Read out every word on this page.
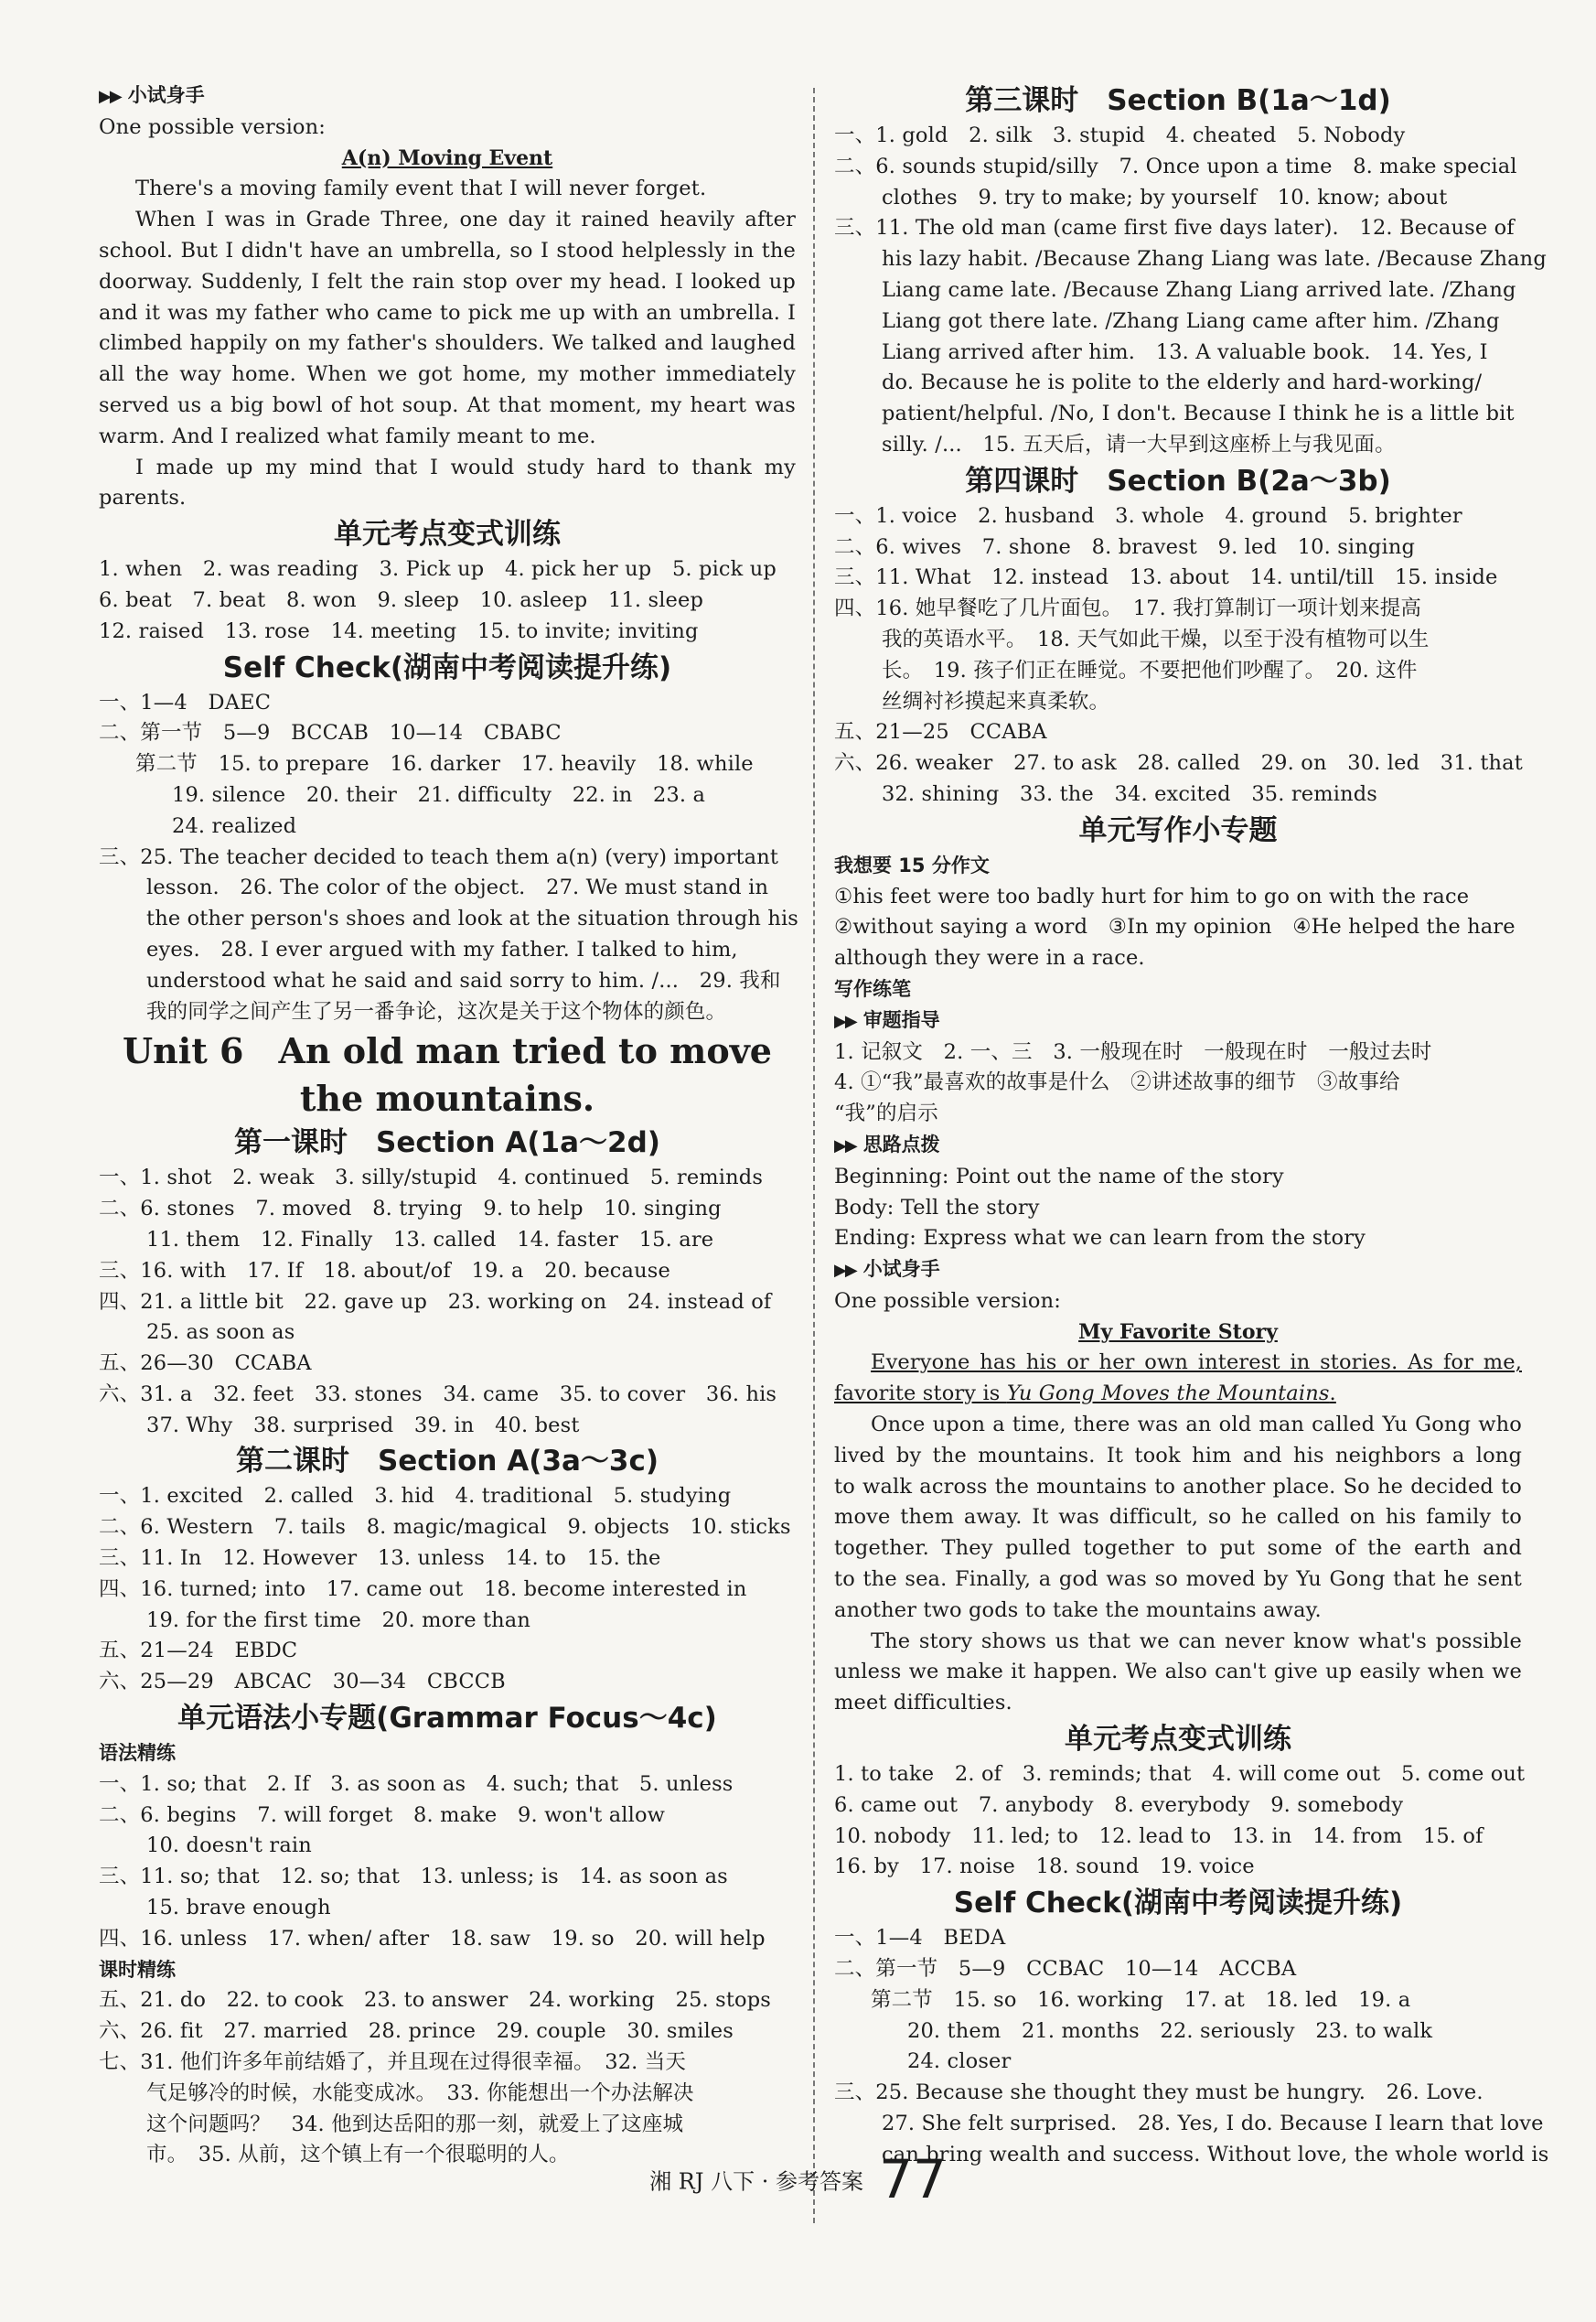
▶▶ 小试身手
One possible version:
A(n) Moving Event
There's a moving family event that I will never forget.
When I was in Grade Three, one day it rained heavily after
school. But I didn't have an umbrella, so I stood helplessly in the
doorway. Suddenly, I felt the rain stop over my head. I looked up
and it was my father who came to pick me up with an umbrella. I
climbed happily on my father's shoulders. We talked and laughed
all the way home. When we got home, my mother immediately
served us a big bowl of hot soup. At that moment, my heart was
warm. And I realized what family meant to me.
I made up my mind that I would study hard to thank my
parents.
单元考点变式训练
1. when　2. was reading　3. Pick up　4. pick her up　5. pick up
6. beat　7. beat　8. won　9. sleep　10. asleep　11. sleep
12. raised　13. rose　14. meeting　15. to invite; inviting
Self Check(湖南中考阅读提升练)
一、1—4　DAEC
二、第一节　5—9　BCCAB　10—14　CBABC
第二节　15. to prepare　16. darker　17. heavily　18. while
19. silence　20. their　21. difficulty　22. in　23. a
24. realized
三、25. The teacher decided to teach them a(n) (very) important
lesson.　26. The color of the object.　27. We must stand in
the other person's shoes and look at the situation through his
eyes.　28. I ever argued with my father. I talked to him,
understood what he said and said sorry to him. /...　29. 我和
我的同学之间产生了另一番争论，这次是关于这个物体的颜色。
Unit 6　An old man tried to move
the mountains.
第一课时　Section A(1a～2d)
一、1. shot　2. weak　3. silly/stupid　4. continued　5. reminds
二、6. stones　7. moved　8. trying　9. to help　10. singing
11. them　12. Finally　13. called　14. faster　15. are
三、16. with　17. If　18. about/of　19. a　20. because
四、21. a little bit　22. gave up　23. working on　24. instead of
25. as soon as
五、26—30　CCABA
六、31. a　32. feet　33. stones　34. came　35. to cover　36. his
37. Why　38. surprised　39. in　40. best
第二课时　Section A(3a～3c)
一、1. excited　2. called　3. hid　4. traditional　5. studying
二、6. Western　7. tails　8. magic/magical　9. objects　10. sticks
三、11. In　12. However　13. unless　14. to　15. the
四、16. turned; into　17. came out　18. become interested in
19. for the first time　20. more than
五、21—24　EBDC
六、25—29　ABCAC　30—34　CBCCB
单元语法小专题(Grammar Focus～4c)
语法精练
一、1. so; that　2. If　3. as soon as　4. such; that　5. unless
二、6. begins　7. will forget　8. make　9. won't allow
10. doesn't rain
三、11. so; that　12. so; that　13. unless; is　14. as soon as
15. brave enough
四、16. unless　17. when/ after　18. saw　19. so　20. will help
课时精练
五、21. do　22. to cook　23. to answer　24. working　25. stops
六、26. fit　27. married　28. prince　29. couple　30. smiles
七、31. 他们许多年前结婚了，并且现在过得很幸福。　32. 当天
气足够冷的时候，水能变成冰。　33. 你能想出一个办法解决
这个问题吗？　34. 他到达岳阳的那一刻，就爱上了这座城
市。　35. 从前，这个镇上有一个很聪明的人。
第三课时　Section B(1a～1d)
一、1. gold　2. silk　3. stupid　4. cheated　5. Nobody
二、6. sounds stupid/silly　7. Once upon a time　8. make special
clothes　9. try to make; by yourself　10. know; about
三、11. The old man (came first five days later).　12. Because of
his lazy habit. /Because Zhang Liang was late. /Because Zhang
Liang came late. /Because Zhang Liang arrived late. /Zhang
Liang got there late. /Zhang Liang came after him. /Zhang
Liang arrived after him.　13. A valuable book.　14. Yes, I
do. Because he is polite to the elderly and hard-working/
patient/helpful. /No, I don't. Because I think he is a little bit
silly. /...　15. 五天后，请一大早到这座桥上与我见面。
第四课时　Section B(2a～3b)
一、1. voice　2. husband　3. whole　4. ground　5. brighter
二、6. wives　7. shone　8. bravest　9. led　10. singing
三、11. What　12. instead　13. about　14. until/till　15. inside
四、16. 她早餐吃了几片面包。　17. 我打算制订一项计划来提高
我的英语水平。　18. 天气如此干燥，以至于没有植物可以生
长。　19. 孩子们正在睡觉。不要把他们吵醒了。　20. 这件
丝绸衬衫摸起来真柔软。
五、21—25　CCABA
六、26. weaker　27. to ask　28. called　29. on　30. led　31. that
32. shining　33. the　34. excited　35. reminds
单元写作小专题
我想要 15 分作文
①his feet were too badly hurt for him to go on with the race
②without saying a word　③In my opinion　④He helped the hare
although they were in a race.
写作练笔
▶▶ 审题指导
1. 记叙文　2. 一、三　3. 一般现在时　一般现在时　一般过去时
4. ①“我”最喜欢的故事是什么　②讲述故事的细节　③故事给
“我”的启示
▶▶ 思路点拨
Beginning: Point out the name of the story
Body: Tell the story
Ending: Express what we can learn from the story
▶▶ 小试身手
One possible version:
My Favorite Story
Everyone has his or her own interest in stories. As for me,
favorite story is Yu Gong Moves the Mountains.
Once upon a time, there was an old man called Yu Gong who
lived by the mountains. It took him and his neighbors a long
to walk across the mountains to another place. So he decided to
move them away. It was difficult, so he called on his family to
together. They pulled together to put some of the earth and
to the sea. Finally, a god was so moved by Yu Gong that he sent
another two gods to take the mountains away.
The story shows us that we can never know what's possible
unless we make it happen. We also can't give up easily when we
meet difficulties.
单元考点变式训练
1. to take　2. of　3. reminds; that　4. will come out　5. come out
6. came out　7. anybody　8. everybody　9. somebody
10. nobody　11. led; to　12. lead to　13. in　14. from　15. of
16. by　17. noise　18. sound　19. voice
Self Check(湖南中考阅读提升练)
一、1—4　BEDA
二、第一节　5—9　CCBAC　10—14　ACCBA
第二节　15. so　16. working　17. at　18. led　19. a
20. them　21. months　22. seriously　23. to walk
24. closer
三、25. Because she thought they must be hungry.　26. Love.
27. She felt surprised.　28. Yes, I do. Because I learn that love
can bring wealth and success. Without love, the whole world is
湘 RJ 八下 · 参考答案 77
